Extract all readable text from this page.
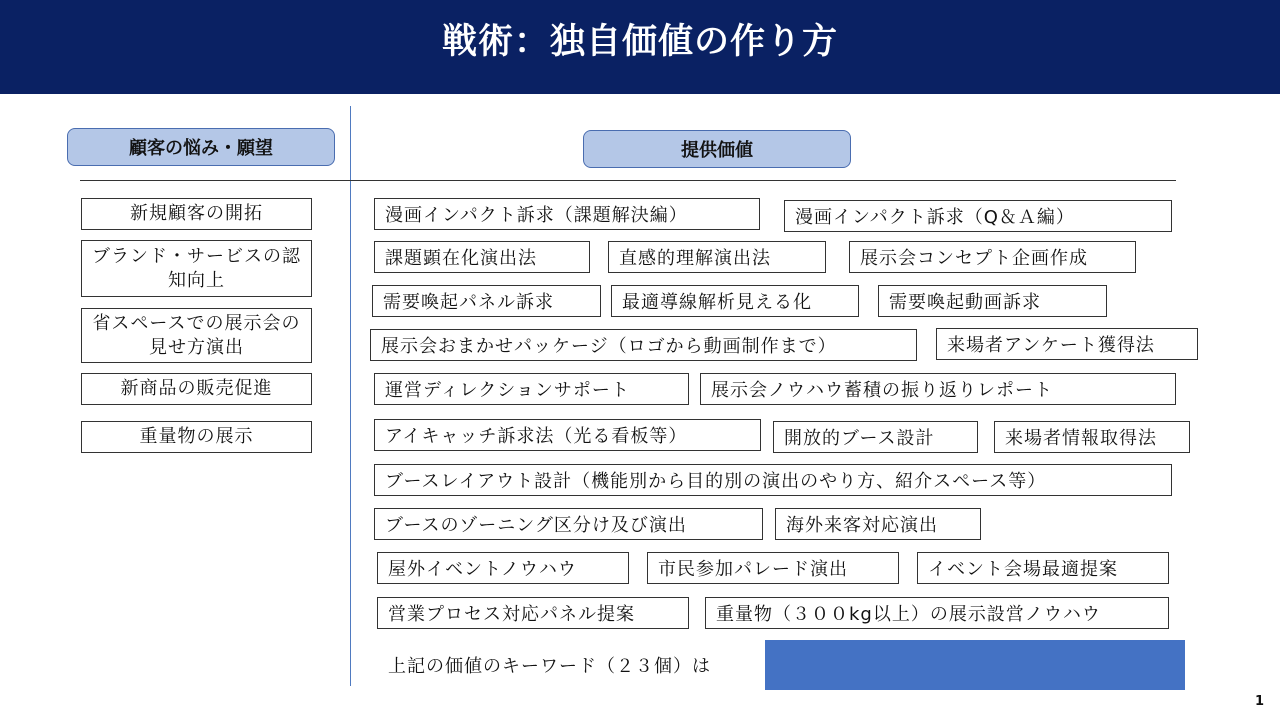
戦術：独自価値の作り方
顧客の悩み・願望	提供価値
新規顧客の開拓
ブランド・サービスの認知向上
省スペースでの展示会の見せ方演出
新商品の販売促進
重量物の展示
漫画インパクト訴求（課題解決編）	漫画インパクト訴求（Q＆Ａ編）
課題顕在化演出法	直感的理解演出法	展示会コンセプト企画作成
需要喚起パネル訴求	最適導線解析見える化	需要喚起動画訴求
展示会おまかせパッケージ（ロゴから動画制作まで）	来場者アンケート獲得法
運営ディレクションサポート	展示会ノウハウ蓄積の振り返りレポート
アイキャッチ訴求法（光る看板等）	開放的ブース設計	来場者情報取得法
ブースレイアウト設計（機能別から目的別の演出のやり方、紹介スペース等）
ブースのゾーニング区分け及び演出	海外来客対応演出
屋外イベントノウハウ	市民参加パレード演出	イベント会場最適提案
営業プロセス対応パネル提案	重量物（３００kg以上）の展示設営ノウハウ
上記の価値のキーワード（２３個）は
1
